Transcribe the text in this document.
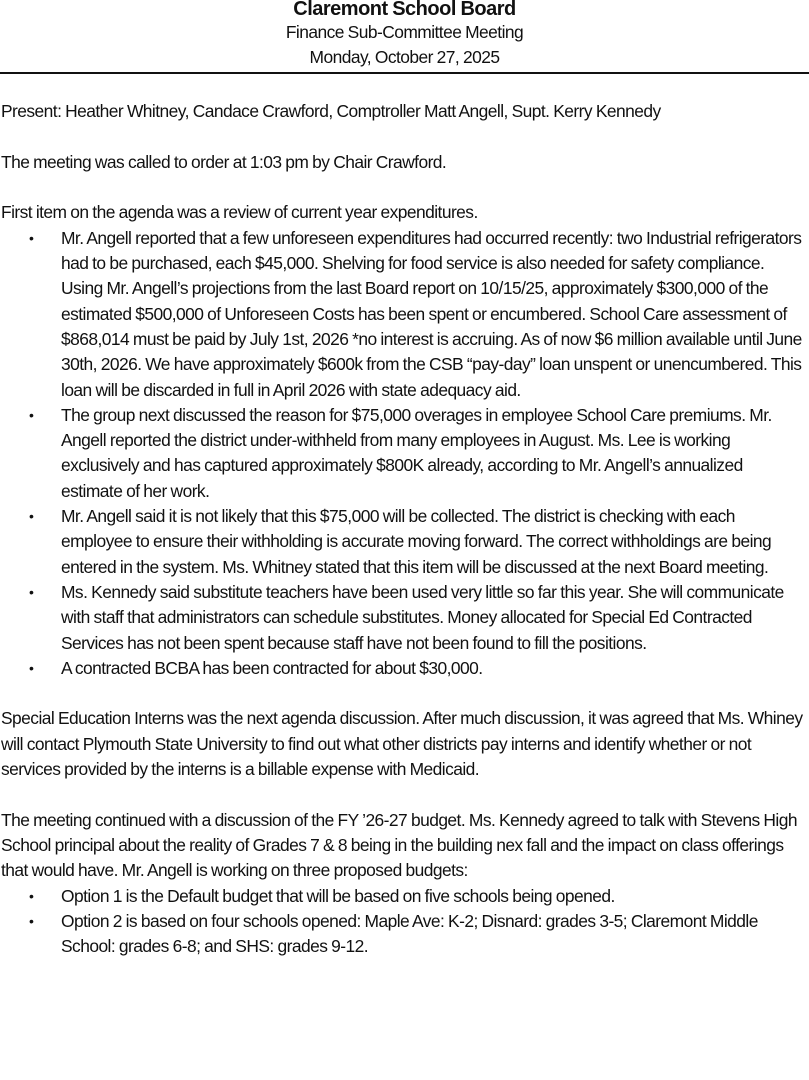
Claremont School Board
Finance Sub-Committee Meeting
Monday, October 27, 2025

Present: Heather Whitney, Candace Crawford, Comptroller Matt Angell, Supt. Kerry Kennedy

The meeting was called to order at 1:03 pm by Chair Crawford.

First item on the agenda was a review of current year expenditures.

• Mr. Angell reported that a few unforeseen expenditures had occurred recently: two Industrial refrigerators had to be purchased, each $45,000. Shelving for food service is also needed for safety compliance. Using Mr. Angell’s projections from the last Board report on 10/15/25, approximately $300,000 of the estimated $500,000 of Unforeseen Costs has been spent or encumbered. School Care assessment of $868,014 must be paid by July 1st, 2026 *no interest is accruing. As of now $6 million available until June 30th, 2026. We have approximately $600k from the CSB “pay-day” loan unspent or unencumbered. This loan will be discarded in full in April 2026 with state adequacy aid.
• The group next discussed the reason for $75,000 overages in employee School Care premiums. Mr. Angell reported the district under-withheld from many employees in August. Ms. Lee is working exclusively and has captured approximately $800K already, according to Mr. Angell’s annualized estimate of her work.
• Mr. Angell said it is not likely that this $75,000 will be collected. The district is checking with each employee to ensure their withholding is accurate moving forward. The correct withholdings are being entered in the system. Ms. Whitney stated that this item will be discussed at the next Board meeting.
• Ms. Kennedy said substitute teachers have been used very little so far this year. She will communicate with staff that administrators can schedule substitutes. Money allocated for Special Ed Contracted Services has not been spent because staff have not been found to fill the positions.
• A contracted BCBA has been contracted for about $30,000.

Special Education Interns was the next agenda discussion. After much discussion, it was agreed that Ms. Whiney will contact Plymouth State University to find out what other districts pay interns and identify whether or not services provided by the interns is a billable expense with Medicaid.

The meeting continued with a discussion of the FY ’26-27 budget. Ms. Kennedy agreed to talk with Stevens High School principal about the reality of Grades 7 & 8 being in the building nex fall and the impact on class offerings that would have. Mr. Angell is working on three proposed budgets:

• Option 1 is the Default budget that will be based on five schools being opened.
• Option 2 is based on four schools opened: Maple Ave: K-2; Disnard: grades 3-5; Claremont Middle School: grades 6-8; and SHS: grades 9-12.
